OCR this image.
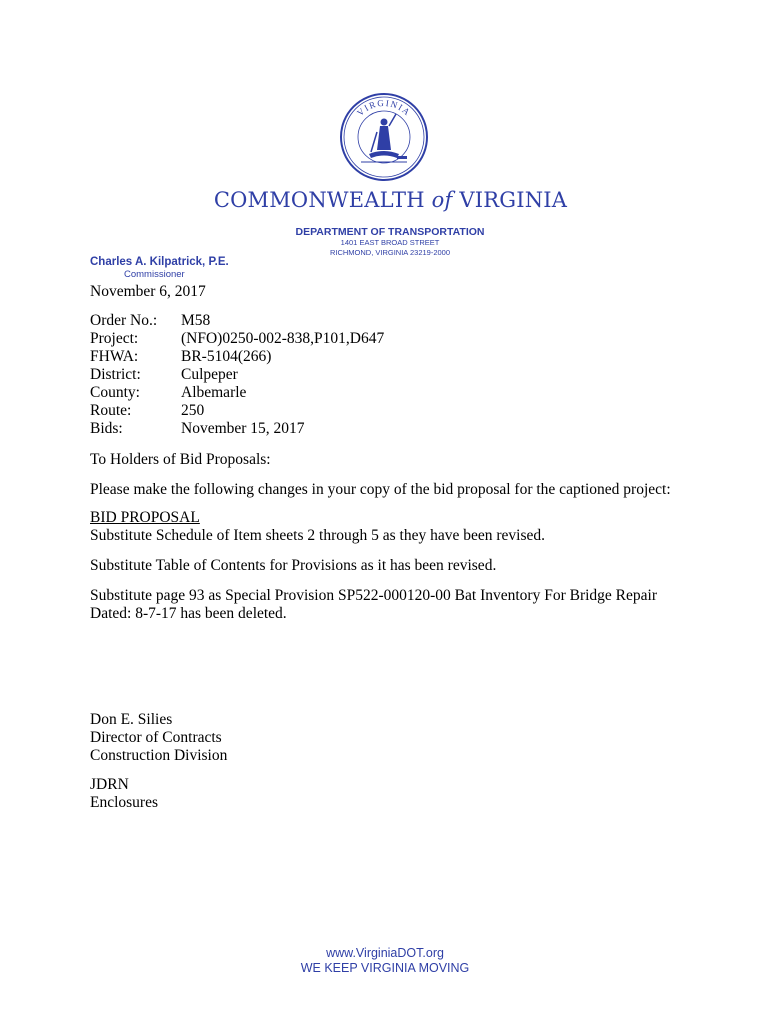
VIRGINIA
COMMONWEALTH of VIRGINIA
DEPARTMENT OF TRANSPORTATION
1401 EAST BROAD STREET
RICHMOND, VIRGINIA 23219-2000
Charles A. Kilpatrick, P.E.
Commissioner
November 6, 2017
Order No.:	M58
Project:	(NFO)0250-002-838,P101,D647
FHWA:	BR-5104(266)
District:	Culpeper
County:	Albemarle
Route:	250
Bids:	November 15, 2017
To Holders of Bid Proposals:
Please make the following changes in your copy of the bid proposal for the captioned project:
BID PROPOSAL
Substitute Schedule of Item sheets 2 through 5 as they have been revised.
Substitute Table of Contents for Provisions as it has been revised.
Substitute page 93 as Special Provision SP522-000120-00 Bat Inventory For Bridge Repair
Dated: 8-7-17 has been deleted.
Don E. Silies
Director of Contracts
Construction Division
JDRN
Enclosures
www.VirginiaDOT.org
WE KEEP VIRGINIA MOVING
